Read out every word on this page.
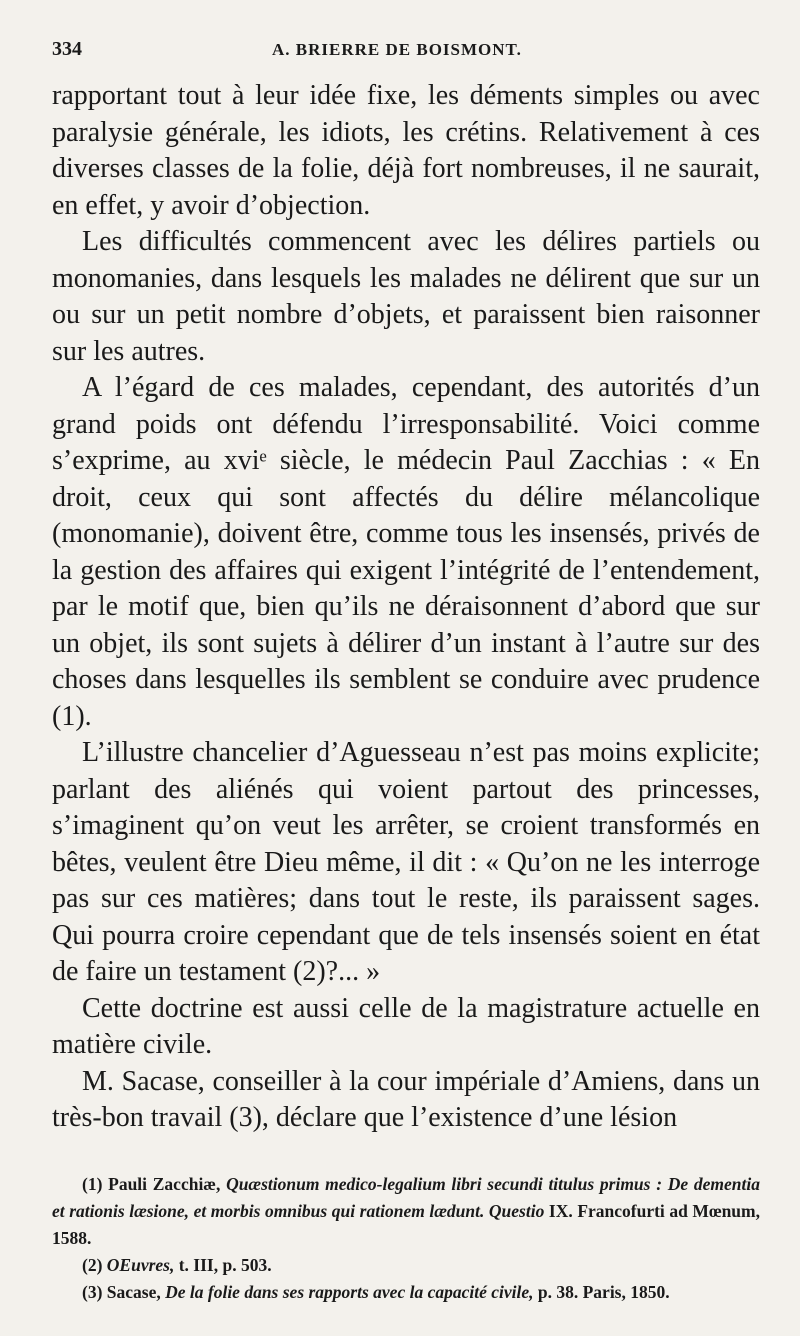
334	A. BRIERRE DE BOISMONT.

rapportant tout à leur idée fixe, les déments simples ou avec paralysie générale, les idiots, les crétins. Relativement à ces diverses classes de la folie, déjà fort nombreuses, il ne saurait, en effet, y avoir d’objection.

Les difficultés commencent avec les délires partiels ou monomanies, dans lesquels les malades ne délirent que sur un ou sur un petit nombre d’objets, et paraissent bien raisonner sur les autres.

A l’égard de ces malades, cependant, des autorités d’un grand poids ont défendu l’irresponsabilité. Voici comme s’exprime, au xviᵉ siècle, le médecin Paul Zacchias : « En droit, ceux qui sont affectés du délire mélancolique (monomanie), doivent être, comme tous les insensés, privés de la gestion des affaires qui exigent l’intégrité de l’entendement, par le motif que, bien qu’ils ne déraisonnent d’abord que sur un objet, ils sont sujets à délirer d’un instant à l’autre sur des choses dans lesquelles ils semblent se conduire avec prudence (1).

L’illustre chancelier d’Aguesseau n’est pas moins explicite; parlant des aliénés qui voient partout des princesses, s’imaginent qu’on veut les arrêter, se croient transformés en bêtes, veulent être Dieu même, il dit : « Qu’on ne les interroge pas sur ces matières; dans tout le reste, ils paraissent sages. Qui pourra croire cependant que de tels insensés soient en état de faire un testament (2)?... »

Cette doctrine est aussi celle de la magistrature actuelle en matière civile.

M. Sacase, conseiller à la cour impériale d’Amiens, dans un très-bon travail (3), déclare que l’existence d’une lésion

(1) Pauli Zacchiæ, Quæstionum medico-legalium libri secundi titulus primus : De dementia et rationis læsione, et morbis omnibus qui rationem lædunt. Questio IX. Francofurti ad Mœnum, 1588.

(2) OEuvres, t. III, p. 503.

(3) Sacase, De la folie dans ses rapports avec la capacité civile, p. 38. Paris, 1850.
